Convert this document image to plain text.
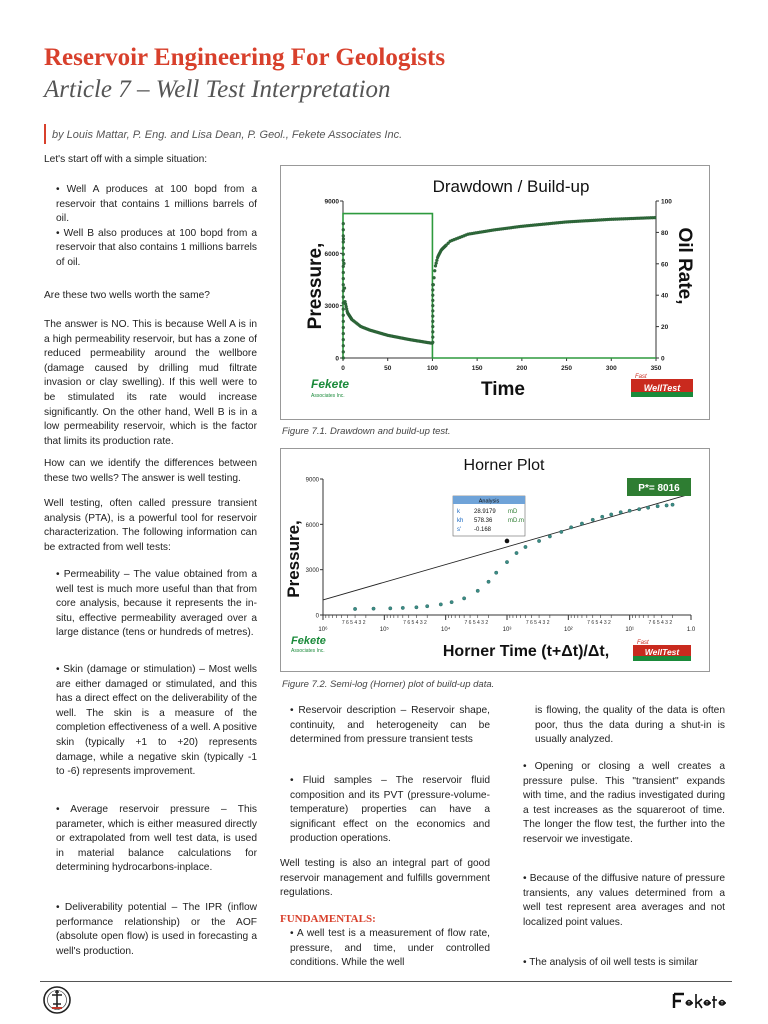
Reservoir Engineering For Geologists
Article 7 – Well Test Interpretation
by Louis Mattar, P. Eng. and Lisa Dean, P. Geol., Fekete Associates Inc.

Let's start off with a simple situation:

• Well A produces at 100 bopd from a reservoir that contains 1 millions barrels of oil.

• Well B also produces at 100 bopd from a reservoir that also contains 1 millions barrels of oil.

Are these two wells worth the same?
The answer is NO. This is because Well A is in a high permeability reservoir, but has a zone of reduced permeability around the wellbore (damage caused by drilling mud filtrate invasion or clay swelling). If this well were to be stimulated its rate would increase significantly. On the other hand, Well B is in a low permeability reservoir, which is the factor that limits its production rate.
How can we identify the differences between these two wells? The answer is well testing.
Well testing, often called pressure transient analysis (PTA), is a powerful tool for reservoir characterization. The following information can be extracted from well tests:
• Permeability – The value obtained from a well test is much more useful than that from core analysis, because it represents the in-situ, effective permeability averaged over a large distance (tens or hundreds of metres).
• Skin (damage or stimulation) – Most wells are either damaged or stimulated, and this has a direct effect on the deliverability of the well. The skin is a measure of the completion effectiveness of a well. A positive skin (typically +1 to +20) represents damage, while a negative skin (typically -1 to -6) represents improvement.
• Average reservoir pressure – This parameter, which is either measured directly or extrapolated from well test data, is used in material balance calculations for determining hydrocarbons-inplace.
• Deliverability potential – The IPR (inflow performance relationship) or the AOF (absolute open flow) is used in forecasting a well's production.
Drawdown / Build-up
0	50	100	150	200	250	300	350
0
3000
6000
9000
0
20
40
60
80
100
Pressure,	Oil Rate,
Time
Fekete
Associates Inc.
Fast
WellTest
Figure 7.1. Drawdown and build-up test.
Horner Plot
0
3000
6000
9000
7 6 5 4 3 2	7 6 5 4 3 2	7 6 5 4 3 2	7 6 5 4 3 2	7 6 5 4 3 2	7 6 5 4 3 2
10⁶	10⁵	10⁴	10³	10²	10¹	1.0
Pressure,
Horner Time (t+Δt)/Δt,
P*= 8016
Analysis
k 28.9179 mD
kh 578.36	mD.m
s' -0.168
Fekete
Associates Inc.
Fast
WellTest
Figure 7.2. Semi-log (Horner) plot of build-up data.
• Reservoir description – Reservoir shape, continuity, and heterogeneity can be determined from pressure transient tests
• Fluid samples – The reservoir fluid composition and its PVT (pressure-volume-temperature) properties can have a significant effect on the economics and production operations.
Well testing is also an integral part of good reservoir management and fulfills government regulations.
FUNDAMENTALS:
• A well test is a measurement of flow rate, pressure, and time, under controlled conditions. While the well
is flowing, the quality of the data is often poor, thus the data during a shut-in is usually analyzed.
• Opening or closing a well creates a pressure pulse. This "transient" expands with time, and the radius investigated during a test increases as the squareroot of time. The longer the flow test, the further into the reservoir we investigate.
• Because of the diffusive nature of pressure transients, any values determined from a well test represent area averages and not localized point values.
• The analysis of oil well tests is similar
